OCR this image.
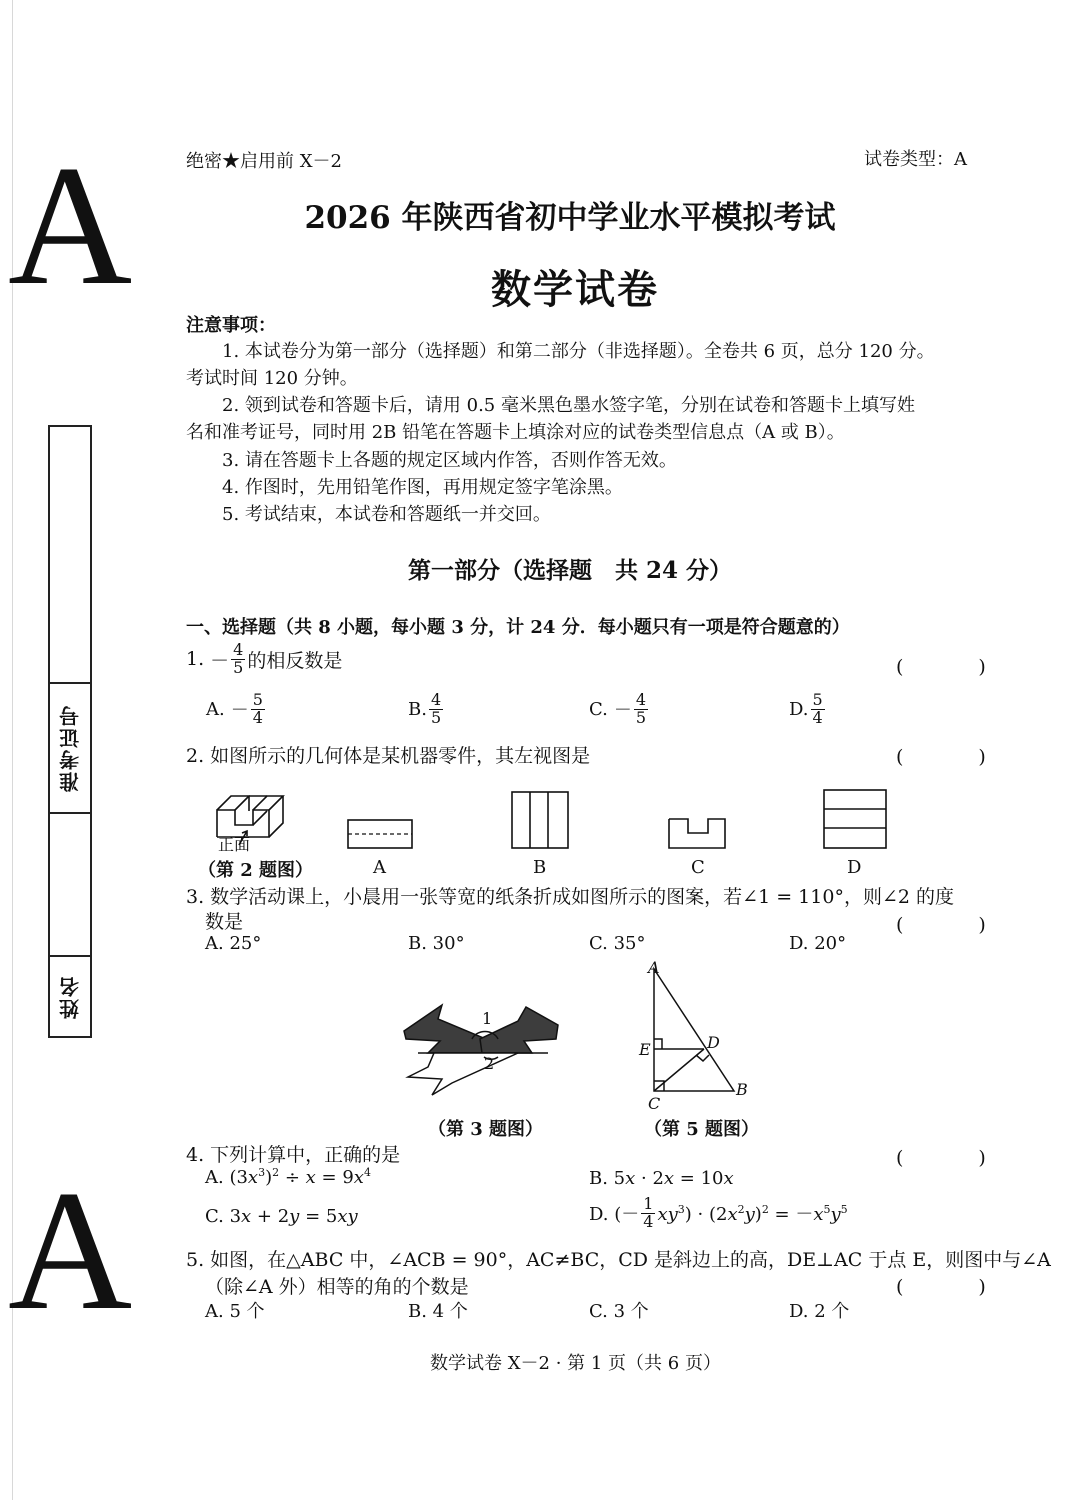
A
A
准考证号
姓名
绝密★启用前 X－2	试卷类型：A
2026 年陕西省初中学业水平模拟考试
数学试卷
注意事项：
1. 本试卷分为第一部分（选择题）和第二部分（非选择题）。全卷共 6 页，总分 120 分。
考试时间 120 分钟。
2. 领到试卷和答题卡后，请用 0.5 毫米黑色墨水签字笔，分别在试卷和答题卡上填写姓
名和准考证号，同时用 2B 铅笔在答题卡上填涂对应的试卷类型信息点（A 或 B）。
3. 请在答题卡上各题的规定区域内作答，否则作答无效。
4. 作图时，先用铅笔作图，再用规定签字笔涂黑。
5. 考试结束，本试卷和答题纸一并交回。
第一部分（选择题　共 24 分）
一、选择题（共 8 小题，每小题 3 分，计 24 分．每小题只有一项是符合题意的）
1. － $\frac{4}{5}$ 的相反数是	(　)
A. － $\frac{5}{4}$	B. $\frac{4}{5}$	C. － $\frac{4}{5}$	D. $\frac{5}{4}$
2. 如图所示的几何体是某机器零件，其左视图是	(　)
正面
（第 2 题图）	A	B	C	D
3. 数学活动课上，小晨用一张等宽的纸条折成如图所示的图案，若∠1 = 110°，则∠2 的度
数是	(　)
A. 25°	B. 30°	C. 35°	D. 20°
1
2
（第 3 题图）
A
E	D
C
B
（第 5 题图）
4. 下列计算中，正确的是	(　)
A. $(3x^3)^2 \div x = 9x^4$	B. 5x · 2x = 10x
C. 3x + 2y = 5xy	D. (－ $\frac{1}{4} xy^3) \cdot (2x^2y)^2 = -x^5y^5$
5. 如图，在△ABC 中，∠ACB = 90°，AC≠BC，CD 是斜边上的高，DE⊥AC 于点 E，则图中与∠A
（除∠A 外）相等的角的个数是	(　)
A. 5 个	B. 4 个	C. 3 个	D. 2 个
数学试卷 X－2 · 第 1 页（共 6 页）
